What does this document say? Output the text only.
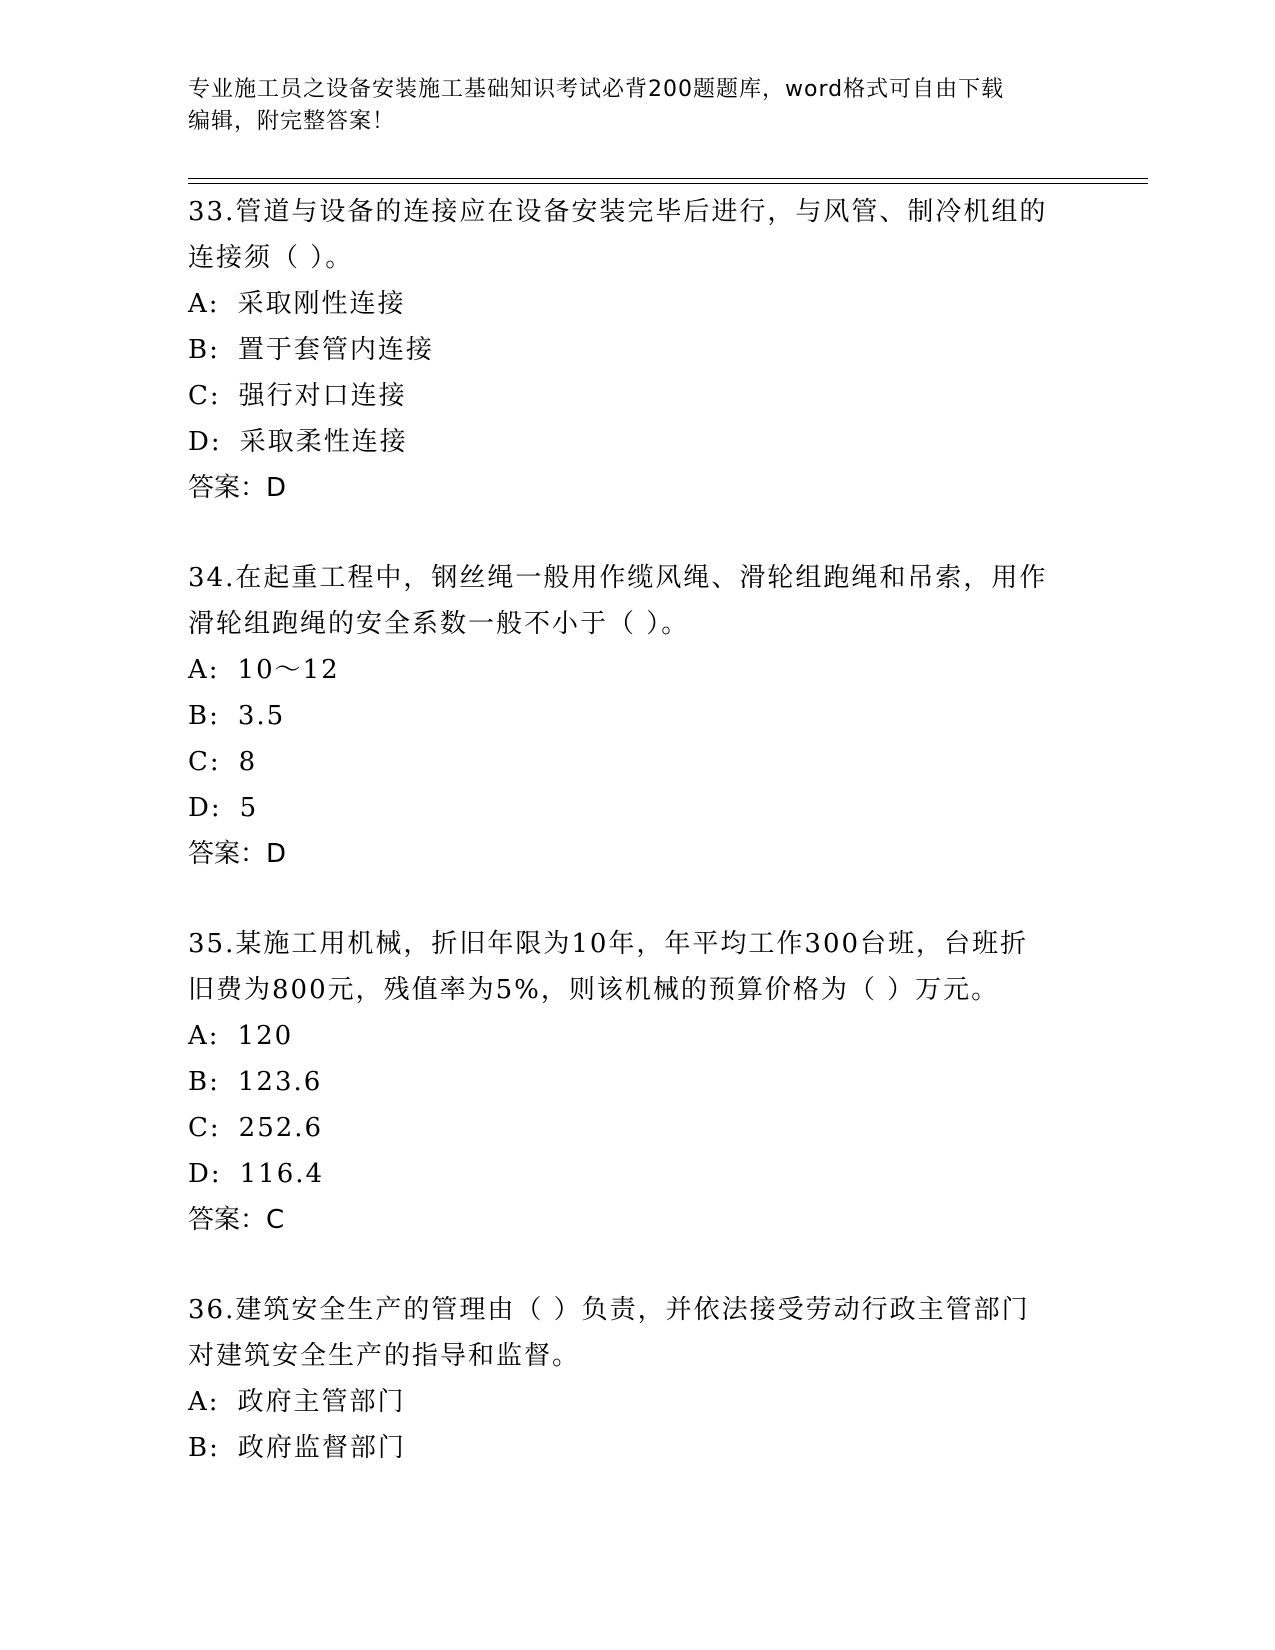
专业施工员之设备安装施工基础知识考试必背200题题库，word格式可自由下载
编辑，附完整答案！

33.管道与设备的连接应在设备安装完毕后进行，与风管、制冷机组的

连接须（ ）。

A: 采取刚性连接

B: 置于套管内连接

C: 强行对口连接

D: 采取柔性连接

答案：D

34.在起重工程中，钢丝绳一般用作缆风绳、滑轮组跑绳和吊索，用作

滑轮组跑绳的安全系数一般不小于（ ）。

A: 10～12

B: 3.5

C: 8

D: 5

答案：D

35.某施工用机械，折旧年限为10年，年平均工作300台班，台班折

旧费为800元，残值率为5%，则该机械的预算价格为（ ）万元。

A: 120

B: 123.6

C: 252.6

D: 116.4

答案：C

36.建筑安全生产的管理由（ ）负责，并依法接受劳动行政主管部门

对建筑安全生产的指导和监督。

A: 政府主管部门

B: 政府监督部门
